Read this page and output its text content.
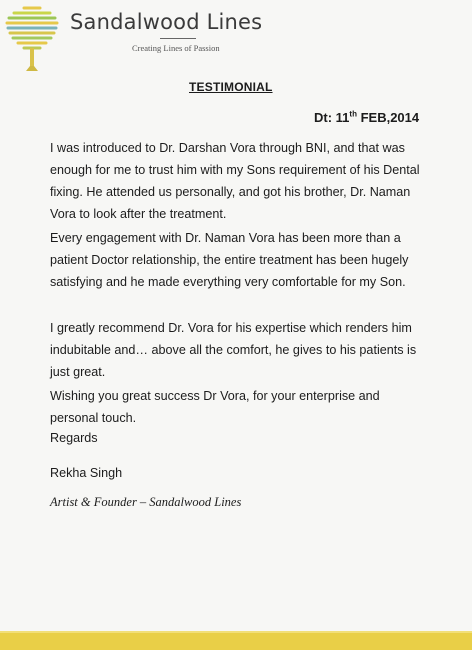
Sandalwood Lines
Creating Lines of Passion
TESTIMONIAL
Dt: 11th FEB,2014

I was introduced to Dr. Darshan Vora through BNI, and that was enough for me to trust him with my Sons requirement of his Dental fixing. He attended us personally, and got his brother, Dr. Naman Vora to look after the treatment.

Every engagement with Dr. Naman Vora has been more than a patient Doctor relationship, the entire treatment has been hugely satisfying and he made everything very comfortable for my Son.

I greatly recommend Dr. Vora for his expertise which renders him indubitable and… above all the comfort, he gives to his patients is just great.

Wishing you great success Dr Vora, for your enterprise and personal touch.

Regards
Rekha Singh
Artist & Founder – Sandalwood Lines
